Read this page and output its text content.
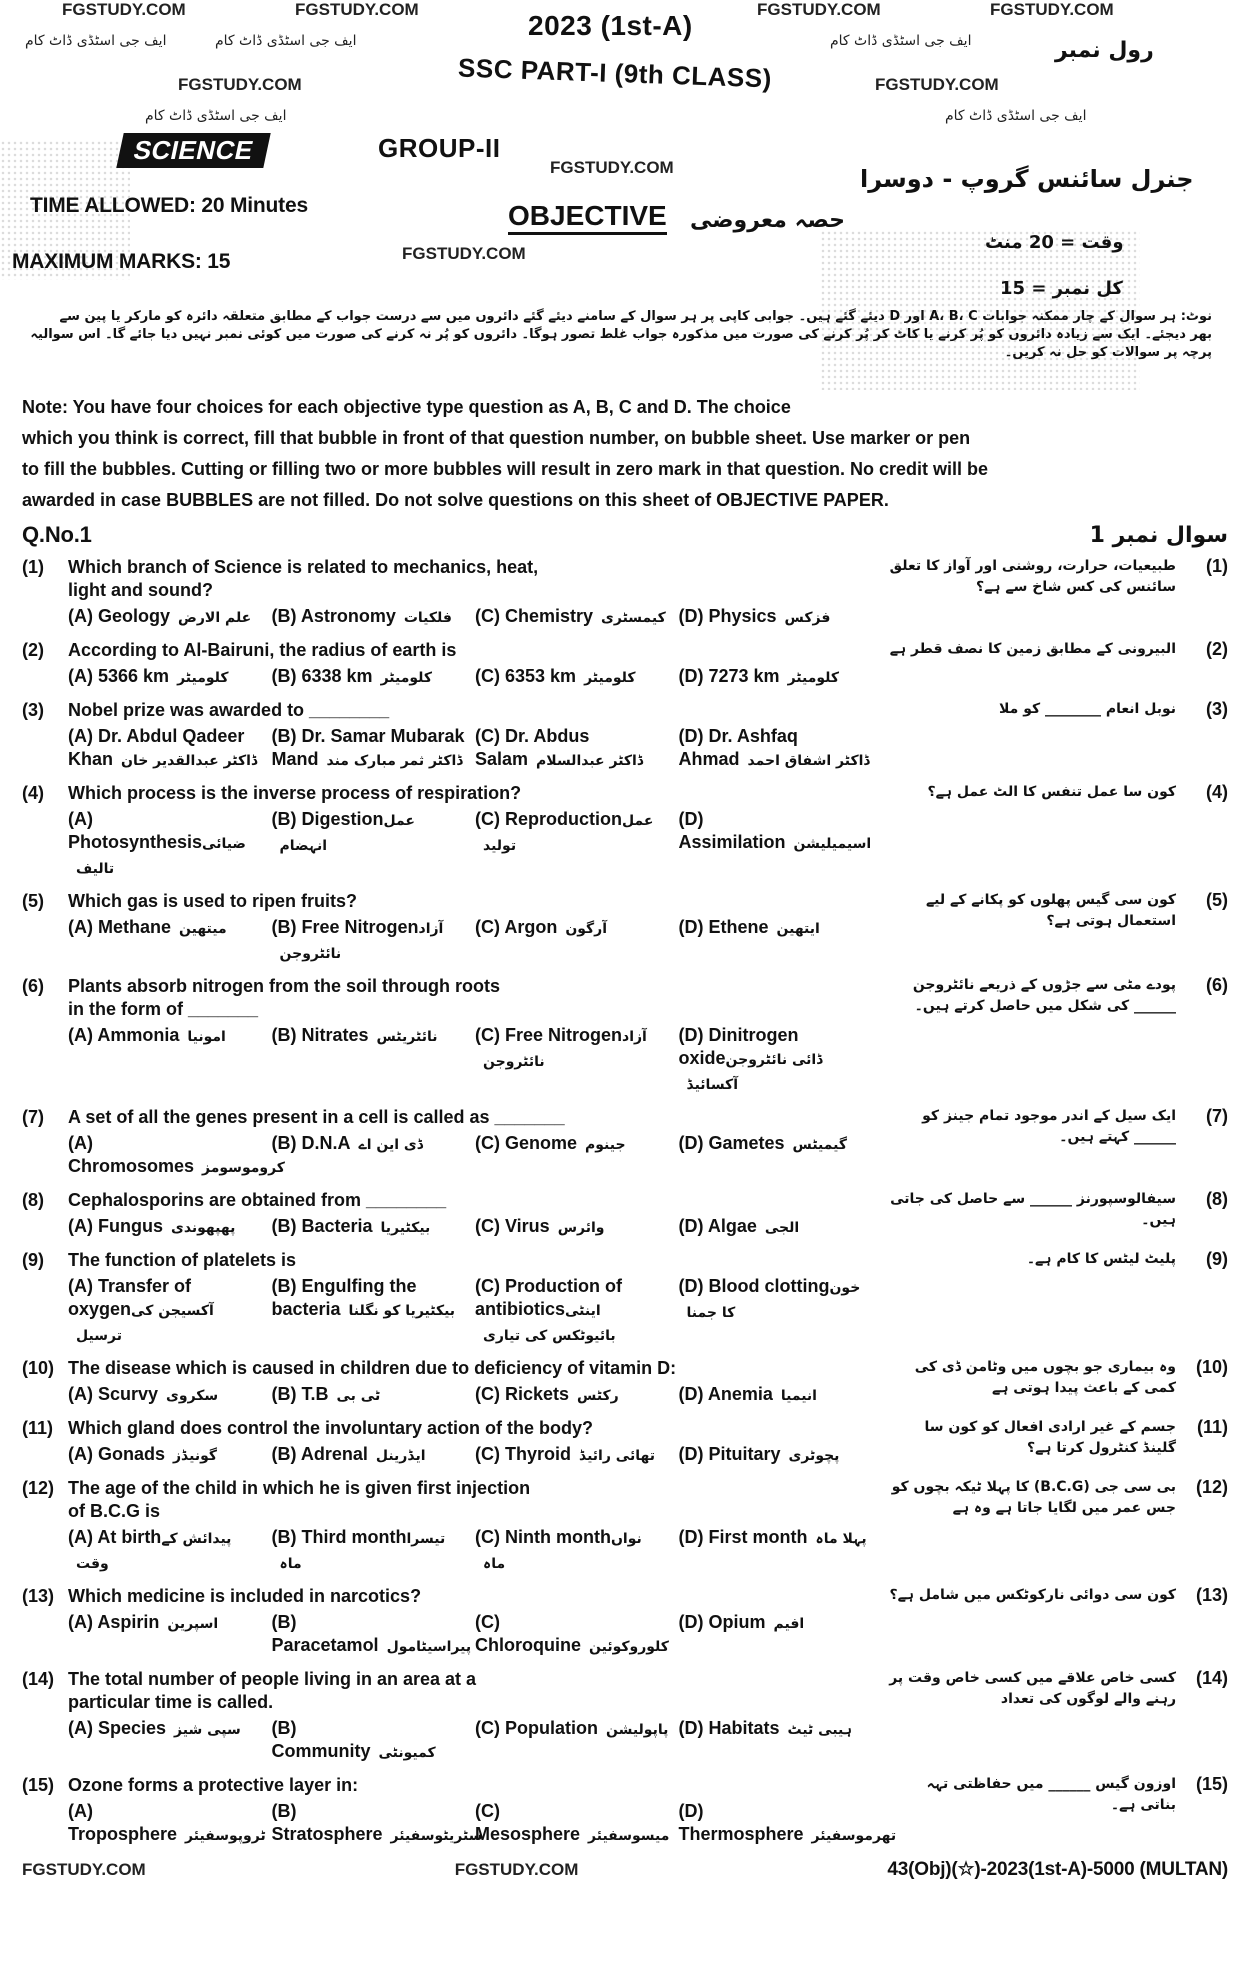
FGSTUDY.COM	FGSTUDY.COM	FGSTUDY.COM	FGSTUDY.COM
ایف جی اسٹڈی ڈاٹ کام	ایف جی اسٹڈی ڈاٹ کام	ایف جی اسٹڈی ڈاٹ کام
FGSTUDY.COM	FGSTUDY.COM
ایف جی اسٹڈی ڈاٹ کام	ایف جی اسٹڈی ڈاٹ کام
FGSTUDY.COM
FGSTUDY.COM
2023 (1st-A)
SSC PART-I (9th CLASS)
رول نمبر
SCIENCE	GROUP-II
جنرل سائنس گروپ - دوسرا
TIME ALLOWED: 20 Minutes	OBJECTIVE حصہ معروضی
وقت = 20 منٹ
MAXIMUM MARKS: 15
کل نمبر = 15
نوٹ: ہر سوال کے چار ممکنہ جوابات A، B، C اور D دیئے گئے ہیں۔ جوابی کاپی پر ہر سوال کے سامنے دیئے گئے دائروں میں سے درست جواب کے مطابق متعلقہ دائرہ کو مارکر یا پین سے
بھر دیجئے۔ ایک سے زیادہ دائروں کو پُر کرنے یا کاٹ کر پُر کرنے کی صورت میں مذکورہ جواب غلط تصور ہوگا۔ دائروں کو پُر نہ کرنے کی صورت میں کوئی نمبر نہیں دیا جائے گا۔ اس سوالیہ پرچہ پر سوالات کو حل نہ کریں۔
Note: You have four choices for each objective type question as A, B, C and D. The choice
which you think is correct, fill that bubble in front of that question number, on bubble sheet. Use marker or pen
to fill the bubbles. Cutting or filling two or more bubbles will result in zero mark in that question. No credit will be
awarded in case BUBBLES are not filled. Do not solve questions on this sheet of OBJECTIVE PAPER.
Q.No.1	سوال نمبر 1
(1)	Which branch of Science is related to mechanics, heat,
light and sound?
(A) Geology علم الارض	(B) Astronomy فلکیات	(C) Chemistry کیمسٹری (D) Physics فزکس
طبیعیات، حرارت، روشنی اور آواز کا تعلق سائنس کی کس شاخ سے ہے؟
(1)
(2)	According to Al-Bairuni, the radius of earth is
(A) 5366 km کلومیٹر	(B) 6338 km کلومیٹر	(C) 6353 km کلومیٹر	(D) 7273 km کلومیٹر
البیرونی کے مطابق زمین کا نصف قطر ہے	(2)
(3)	Nobel prize was awarded to ________
(A) Dr. Abdul Qadeer Khan ڈاکٹر عبدالقدیر خان
(B) Dr. Samar Mubarak Mand ڈاکٹر ثمر مبارک مند
(C) Dr. Abdus Salam ڈاکٹر عبدالسلام
(D) Dr. Ashfaq Ahmad ڈاکٹر اشفاق احمد
نوبل انعام ________ کو ملا	(3)
(4)	Which process is the inverse process of respiration?
(A) Photosynthesisضیائی تالیف
(B) Digestionعمل انہضام
(C) Reproductionعمل تولید
(D) Assimilation اسیمیلیشن
کون سا عمل تنفس کا الٹ عمل ہے؟	(4)
(5)	Which gas is used to ripen fruits?
(A) Methane میتھین	(B) Free Nitrogenآزاد نائٹروجن
(C) Argon آرگون	(D) Ethene ایتھین
کون سی گیس پھلوں کو پکانے کے لیے استعمال ہوتی ہے؟
(5)
(6)	Plants absorb nitrogen from the soil through roots
in the form of _______
(A) Ammonia امونیا	(B) Nitrates نائٹریٹس	(C) Free Nitrogenآزاد نائٹروجن
(D) Dinitrogen oxideڈائی نائٹروجن آکسائیڈ
پودے مٹی سے جڑوں کے ذریعے نائٹروجن ______ کی شکل میں حاصل کرتے ہیں۔
(6)
(7)	A set of all the genes present in a cell is called as _______
(A) Chromosomes کروموسومز
(B) D.N.A ڈی این اے	(C) Genome جینوم	(D) Gametes گیمیٹس
ایک سیل کے اندر موجود تمام جینز کو ______ کہتے ہیں۔
(7)
(8)	Cephalosporins are obtained from ________
(A) Fungus پھپھوندی	(B) Bacteria بیکٹیریا	(C) Virus وائرس	(D) Algae الجی
سیفالوسپورنز ______ سے حاصل کی جاتی ہیں۔
(8)
(9)	The function of platelets is
(A) Transfer of oxygenآکسیجن کی ترسیل
(B) Engulfing the bacteria بیکٹیریا کو نگلنا
(C) Production of antibioticsاینٹی بائیوٹکس کی تیاری
(D) Blood clottingخون کا جمنا
پلیٹ لیٹس کا کام ہے۔	(9)
(10) The disease which is caused in children due to deficiency of vitamin D:
(A) Scurvy سکروی	(B) T.B ٹی بی	(C) Rickets رکٹس	(D) Anemia انیمیا
وہ بیماری جو بچوں میں وٹامن ڈی کی کمی کے باعث پیدا ہوتی ہے
(10)
(11) Which gland does control the involuntary action of the body?
(A) Gonads گونیڈز	(B) Adrenal ایڈرینل	(C) Thyroid تھائی رائیڈ	(D) Pituitary پچوٹری
جسم کے غیر ارادی افعال کو کون سا گلینڈ کنٹرول کرتا ہے؟
(11)
(12) The age of the child in which he is given first injection
of B.C.G is
(A) At birthپیدائش کے وقت
(B) Third monthتیسرا ماہ
(C) Ninth monthنواں ماہ
(D) First month پہلا ماہ
بی سی جی (B.C.G) کا پہلا ٹیکہ بچوں کو جس عمر میں لگایا جاتا ہے وہ ہے
(12)
(13) Which medicine is included in narcotics?
(A) Aspirin اسپرین	(B) Paracetamol پیراسیٹامول
(C) Chloroquine کلوروکوئین
(D) Opium افیم
کون سی دوائی نارکوٹکس میں شامل ہے؟	(13)
(14) The total number of people living in an area at a
particular time is called.
(A) Species سپی شیز	(B) Community کمیونٹی
(C) Population پاپولیشن (D) Habitats ہیبی ٹیٹ
کسی خاص علاقے میں کسی خاص وقت پر رہنے والے لوگوں کی تعداد
(14)
(15) Ozone forms a protective layer in:
(A) Troposphere ٹروپوسفیئر
(B) Stratosphere سٹریٹوسفیئر
(C) Mesosphere میسوسفیئر
(D) Thermosphere تھرموسفیئر
اوزون گیس ______ میں حفاظتی تہہ بناتی ہے۔
(15)
FGSTUDY.COM	FGSTUDY.COM	43(Obj)(☆)-2023(1st-A)-5000 (MULTAN)
